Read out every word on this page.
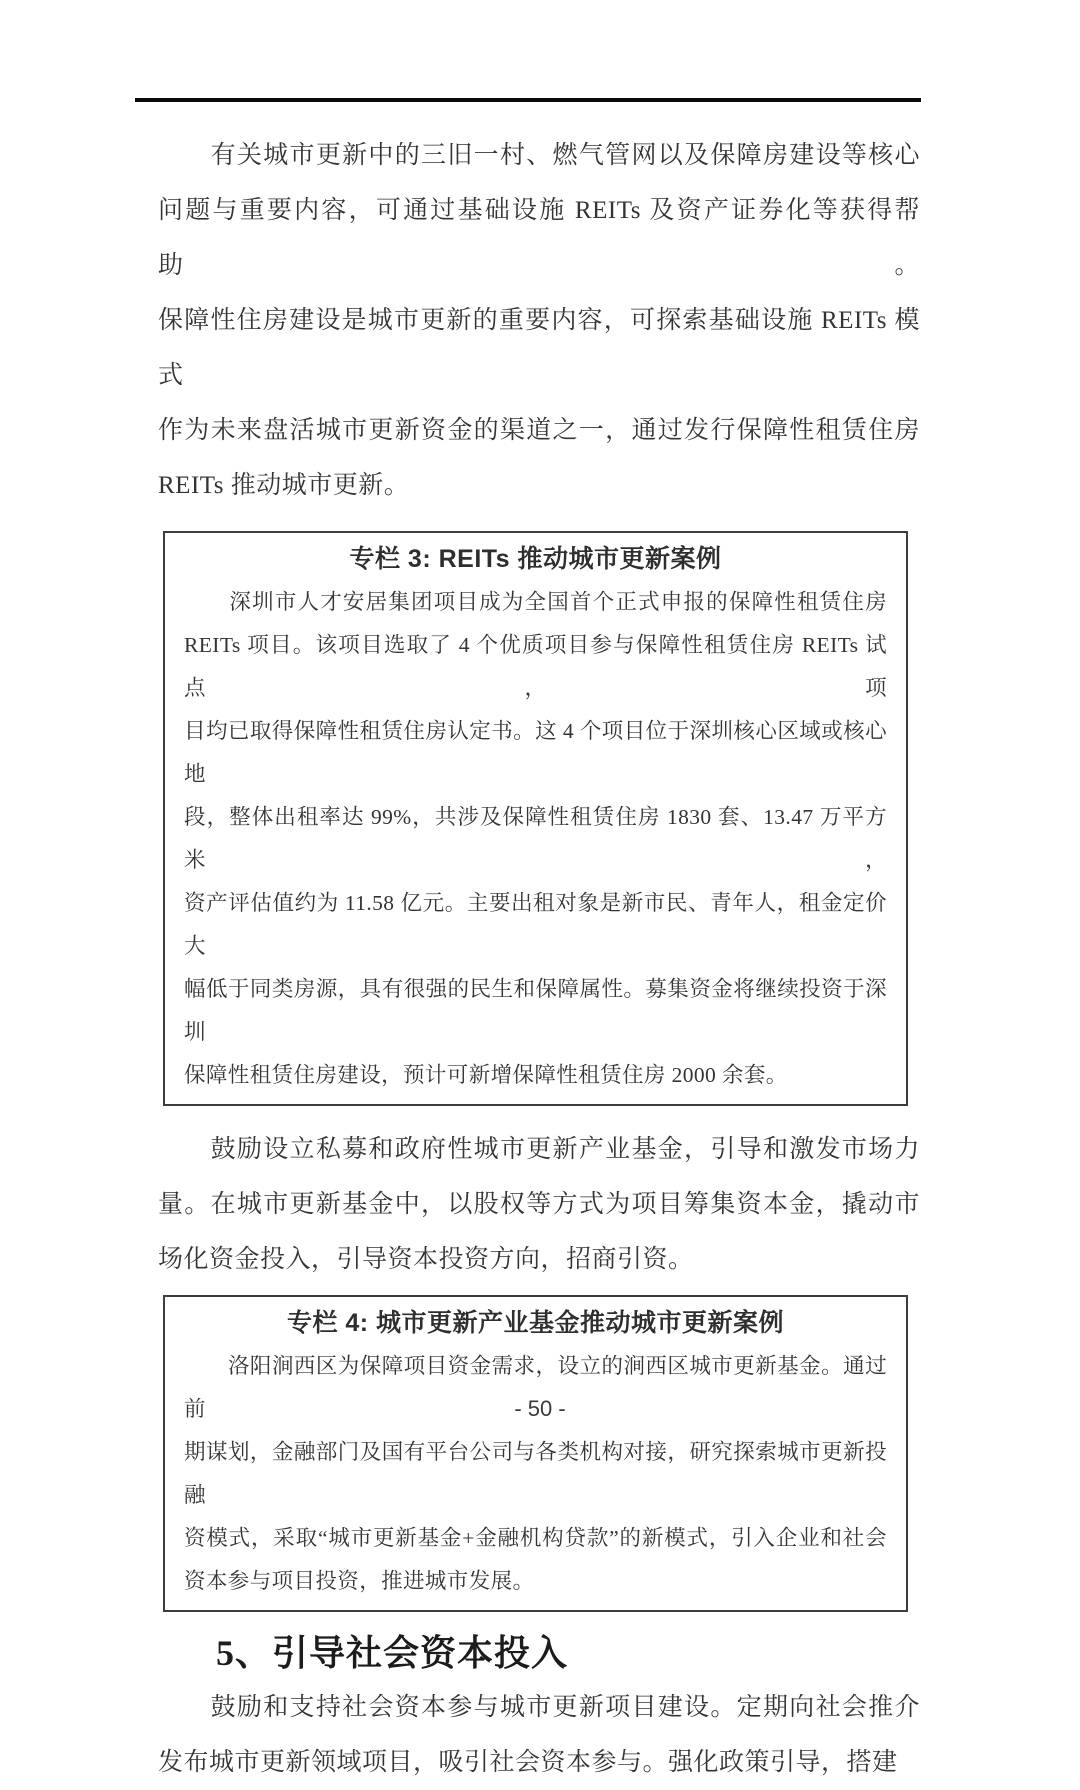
　　有关城市更新中的三旧一村、燃气管网以及保障房建设等核心
问题与重要内容，可通过基础设施 REITs 及资产证券化等获得帮助。
保障性住房建设是城市更新的重要内容，可探索基础设施 REITs 模式
作为未来盘活城市更新资金的渠道之一，通过发行保障性租赁住房
REITs 推动城市更新。
专栏 3: REITs 推动城市更新案例
　　深圳市人才安居集团项目成为全国首个正式申报的保障性租赁住房
REITs 项目。该项目选取了 4 个优质项目参与保障性租赁住房 REITs 试点，项
目均已取得保障性租赁住房认定书。这 4 个项目位于深圳核心区域或核心地
段，整体出租率达 99%，共涉及保障性租赁住房 1830 套、13.47 万平方米，
资产评估值约为 11.58 亿元。主要出租对象是新市民、青年人，租金定价大
幅低于同类房源，具有很强的民生和保障属性。募集资金将继续投资于深圳
保障性租赁住房建设，预计可新增保障性租赁住房 2000 余套。
　　鼓励设立私募和政府性城市更新产业基金，引导和激发市场力
量。在城市更新基金中，以股权等方式为项目筹集资本金，撬动市
场化资金投入，引导资本投资方向，招商引资。
专栏 4: 城市更新产业基金推动城市更新案例
　　洛阳涧西区为保障项目资金需求，设立的涧西区城市更新基金。通过前
期谋划，金融部门及国有平台公司与各类机构对接，研究探索城市更新投融
资模式，采取“城市更新基金+金融机构贷款”的新模式，引入企业和社会
资本参与项目投资，推进城市发展。
5、引导社会资本投入
　　鼓励和支持社会资本参与城市更新项目建设。定期向社会推介
发布城市更新领域项目，吸引社会资本参与。强化政策引导，搭建
- 50 -
